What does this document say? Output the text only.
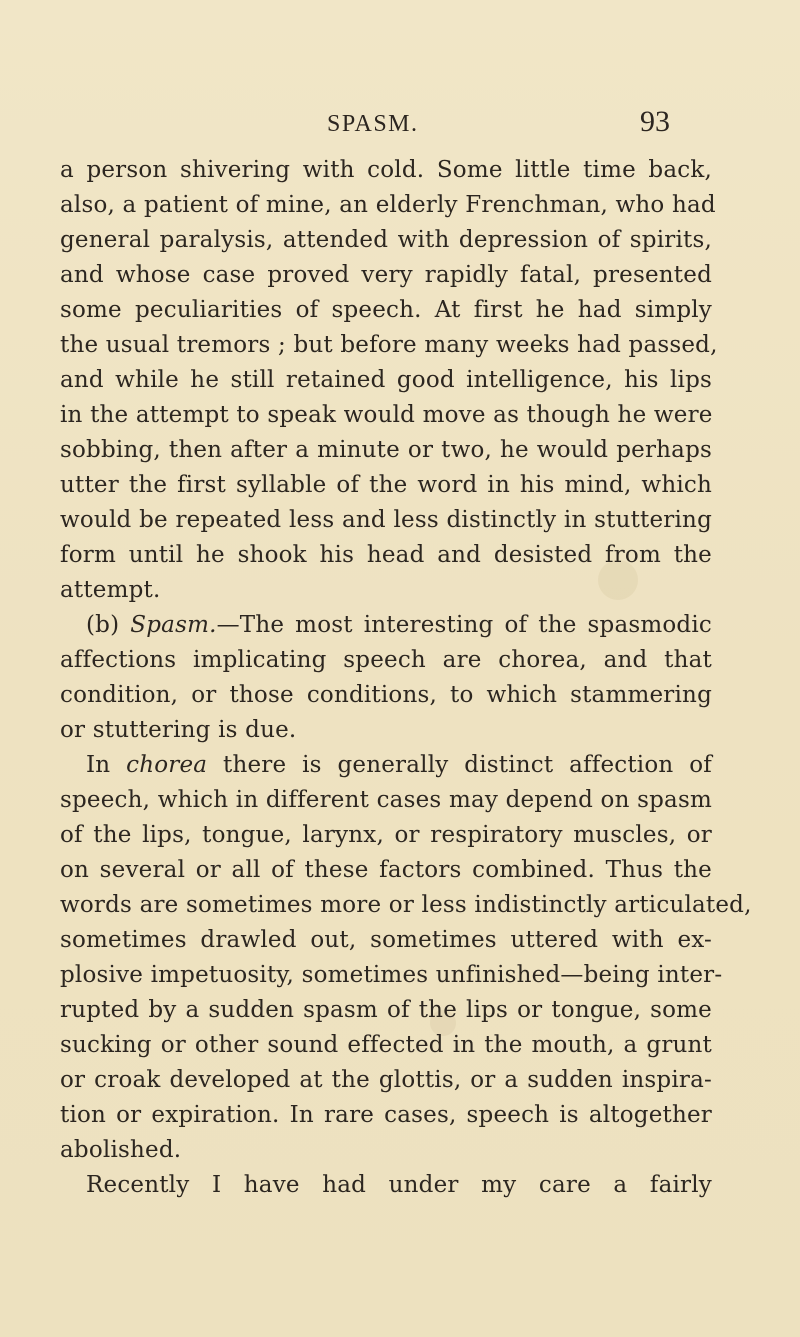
SPASM.	93
a person shivering with cold. Some little time back,
also, a patient of mine, an elderly Frenchman, who had
general paralysis, attended with depression of spirits,
and whose case proved very rapidly fatal, presented
some peculiarities of speech. At first he had simply
the usual tremors ; but before many weeks had passed,
and while he still retained good intelligence, his lips
in the attempt to speak would move as though he were
sobbing, then after a minute or two, he would perhaps
utter the first syllable of the word in his mind, which
would be repeated less and less distinctly in stuttering
form until he shook his head and desisted from the
attempt.
(b) Spasm.—The most interesting of the spasmodic
affections implicating speech are chorea, and that
condition, or those conditions, to which stammering
or stuttering is due.
In chorea there is generally distinct affection of
speech, which in different cases may depend on spasm
of the lips, tongue, larynx, or respiratory muscles, or
on several or all of these factors combined. Thus the
words are sometimes more or less indistinctly articulated,
sometimes drawled out, sometimes uttered with ex-
plosive impetuosity, sometimes unfinished—being inter-
rupted by a sudden spasm of the lips or tongue, some
sucking or other sound effected in the mouth, a grunt
or croak developed at the glottis, or a sudden inspira-
tion or expiration. In rare cases, speech is altogether
abolished.
Recently I have had under my care a fairly
